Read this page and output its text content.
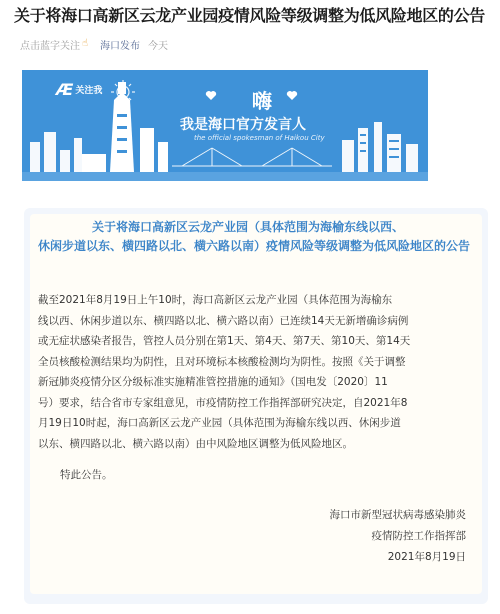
关于将海口高新区云龙产业园疫情风险等级调整为低风险地区的公告
点击蓝字关注 ☝	海口发布 今天
Æ 关注我	嗨
我是海口官方发言人
the official spokesman of Haikou City
关于将海口高新区云龙产业园（具体范围为海榆东线以西、
休闲步道以东、横四路以北、横六路以南）疫情风险等级调整为低风险地区的公告
截至2021年8月19日上午10时，海口高新区云龙产业园（具体范围为海榆东
线以西、休闲步道以东、横四路以北、横六路以南）已连续14天无新增确诊病例
或无症状感染者报告，管控人员分别在第1天、第4天、第7天、第10天、第14天
全员核酸检测结果均为阴性，且对环境标本核酸检测均为阴性。按照《关于调整
新冠肺炎疫情分区分级标准实施精准管控措施的通知》（国电发〔2020〕11
号）要求，结合省市专家组意见，市疫情防控工作指挥部研究决定，自2021年8
月19日10时起，海口高新区云龙产业园（具体范围为海榆东线以西、休闲步道
以东、横四路以北、横六路以南）由中风险地区调整为低风险地区。
特此公告。
海口市新型冠状病毒感染肺炎
疫情防控工作指挥部
2021年8月19日
